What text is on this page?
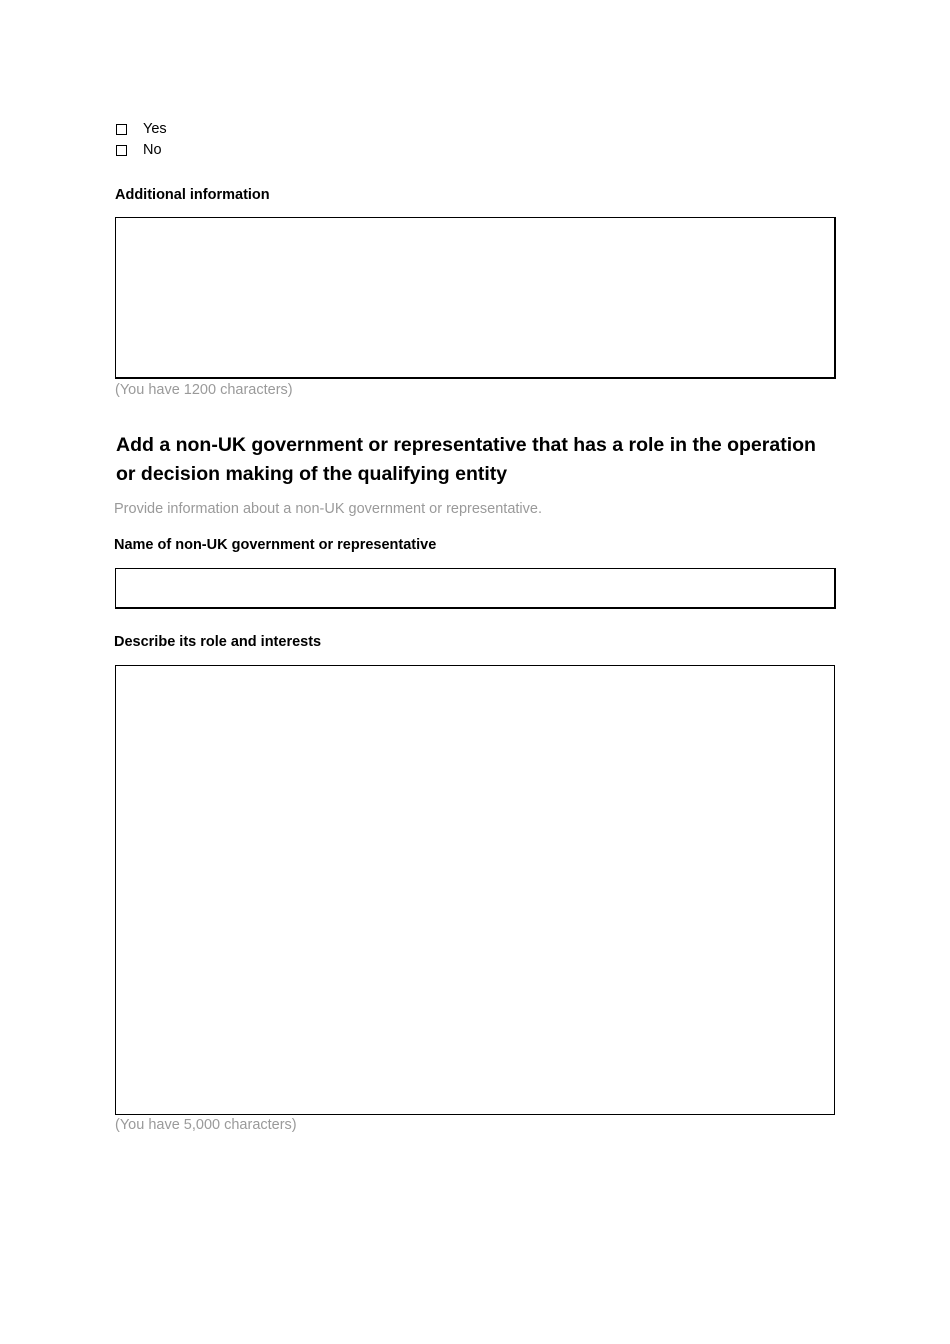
Yes
No
Additional information
(You have 1200 characters)
Add a non-UK government or representative that has a role in the operation or decision making of the qualifying entity
Provide information about a non-UK government or representative.
Name of non-UK government or representative
Describe its role and interests
(You have 5,000 characters)
